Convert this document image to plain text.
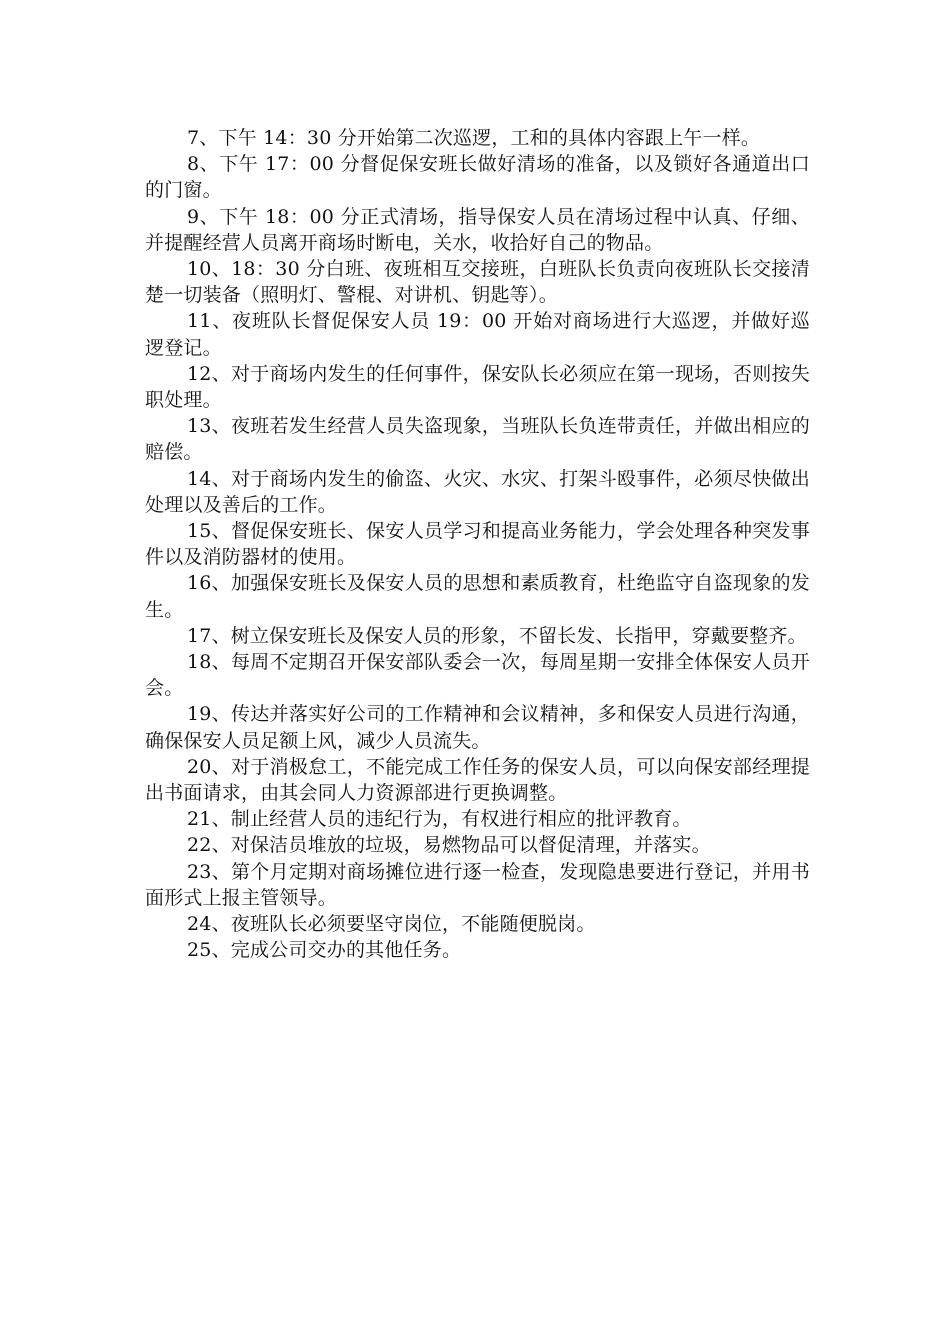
7、下午 14：30 分开始第二次巡逻，工和的具体内容跟上午一样。

8、下午 17：00 分督促保安班长做好清场的准备，以及锁好各通道出口的门窗。

9、下午 18：00 分正式清场，指导保安人员在清场过程中认真、仔细、并提醒经营人员离开商场时断电，关水，收拾好自己的物品。

10、18：30 分白班、夜班相互交接班，白班队长负责向夜班队长交接清楚一切装备（照明灯、警棍、对讲机、钥匙等）。

11、夜班队长督促保安人员 19：00 开始对商场进行大巡逻，并做好巡逻登记。

12、对于商场内发生的任何事件，保安队长必须应在第一现场，否则按失职处理。

13、夜班若发生经营人员失盗现象，当班队长负连带责任，并做出相应的赔偿。

14、对于商场内发生的偷盗、火灾、水灾、打架斗殴事件，必须尽快做出处理以及善后的工作。

15、督促保安班长、保安人员学习和提高业务能力，学会处理各种突发事件以及消防器材的使用。

16、加强保安班长及保安人员的思想和素质教育，杜绝监守自盗现象的发生。

17、树立保安班长及保安人员的形象，不留长发、长指甲，穿戴要整齐。

18、每周不定期召开保安部队委会一次，每周星期一安排全体保安人员开会。

19、传达并落实好公司的工作精神和会议精神，多和保安人员进行沟通，确保保安人员足额上风，减少人员流失。

20、对于消极怠工，不能完成工作任务的保安人员，可以向保安部经理提出书面请求，由其会同人力资源部进行更换调整。

21、制止经营人员的违纪行为，有权进行相应的批评教育。

22、对保洁员堆放的垃圾，易燃物品可以督促清理，并落实。

23、第个月定期对商场摊位进行逐一检查，发现隐患要进行登记，并用书面形式上报主管领导。

24、夜班队长必须要坚守岗位，不能随便脱岗。

25、完成公司交办的其他任务。
